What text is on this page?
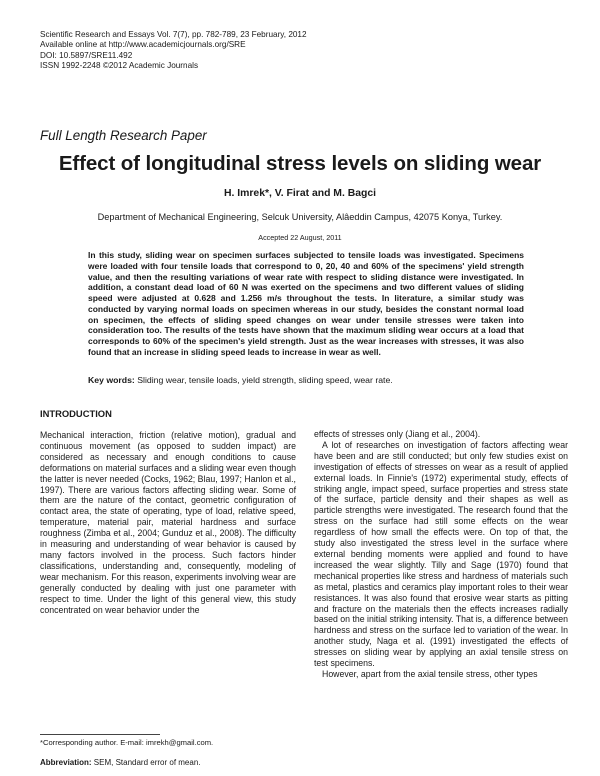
Scientific Research and Essays Vol. 7(7), pp. 782-789, 23 February, 2012
Available online at http://www.academicjournals.org/SRE
DOI: 10.5897/SRE11.492
ISSN 1992-2248 ©2012 Academic Journals
Full Length Research Paper
Effect of longitudinal stress levels on sliding wear
H. Imrek*, V. Firat and M. Bagci
Department of Mechanical Engineering, Selcuk University, Alâeddin Campus, 42075 Konya, Turkey.
Accepted 22 August, 2011
In this study, sliding wear on specimen surfaces subjected to tensile loads was investigated. Specimens were loaded with four tensile loads that correspond to 0, 20, 40 and 60% of the specimens' yield strength value, and then the resulting variations of wear rate with respect to sliding distance were investigated. In addition, a constant dead load of 60 N was exerted on the specimens and two different values of sliding speed were adjusted at 0.628 and 1.256 m/s throughout the tests. In literature, a similar study was conducted by varying normal loads on specimen whereas in our study, besides the constant normal load on specimen, the effects of sliding speed changes on wear under tensile stresses were taken into consideration too. The results of the tests have shown that the maximum sliding wear occurs at a load that corresponds to 60% of the specimen's yield strength. Just as the wear increases with stresses, it was also found that an increase in sliding speed leads to increase in wear as well.
Key words: Sliding wear, tensile loads, yield strength, sliding speed, wear rate.
INTRODUCTION

Mechanical interaction, friction (relative motion), gradual and continuous movement (as opposed to sudden impact) are considered as necessary and enough conditions to cause deformations on material surfaces and a sliding wear even though the latter is never needed (Cocks, 1962; Blau, 1997; Hanlon et al., 1997). There are various factors affecting sliding wear. Some of them are the nature of the contact, geometric configuration of contact area, the state of operating, type of load, relative speed, temperature, material pair, material hardness and surface roughness (Zimba et al., 2004; Gunduz et al., 2008). The difficulty in measuring and understanding of wear behavior is caused by many factors involved in the process. Such factors hinder classifications, understanding and, consequently, modeling of wear mechanism. For this reason, experiments involving wear are generally conducted by dealing with just one parameter with respect to time. Under the light of this general view, this study concentrated on wear behavior under the

effects of stresses only (Jiang et al., 2004).

A lot of researches on investigation of factors affecting wear have been and are still conducted; but only few studies exist on investigation of effects of stresses on wear as a result of applied external loads. In Finnie's (1972) experimental study, effects of striking angle, impact speed, surface properties and stress state of the surface, particle density and their shapes as well as particle strengths were investigated. The research found that the stress on the surface had still some effects on the wear regardless of how small the effects were. On top of that, the study also investigated the stress level in the surface where external bending moments were applied and found to have increased the wear slightly. Tilly and Sage (1970) found that mechanical properties like stress and hardness of materials such as metal, plastics and ceramics play important roles to their wear resistances. It was also found that erosive wear starts as pitting and fracture on the materials then the effects increases radially based on the initial striking intensity. That is, a difference between hardness and stress on the surface led to variation of the wear. In another study, Naga et al. (1991) investigated the effects of stresses on sliding wear by applying an axial tensile stress on test specimens.

However, apart from the axial tensile stress, other types

*Corresponding author. E-mail: imrekh@gmail.com.
Abbreviation: SEM, Standard error of mean.
